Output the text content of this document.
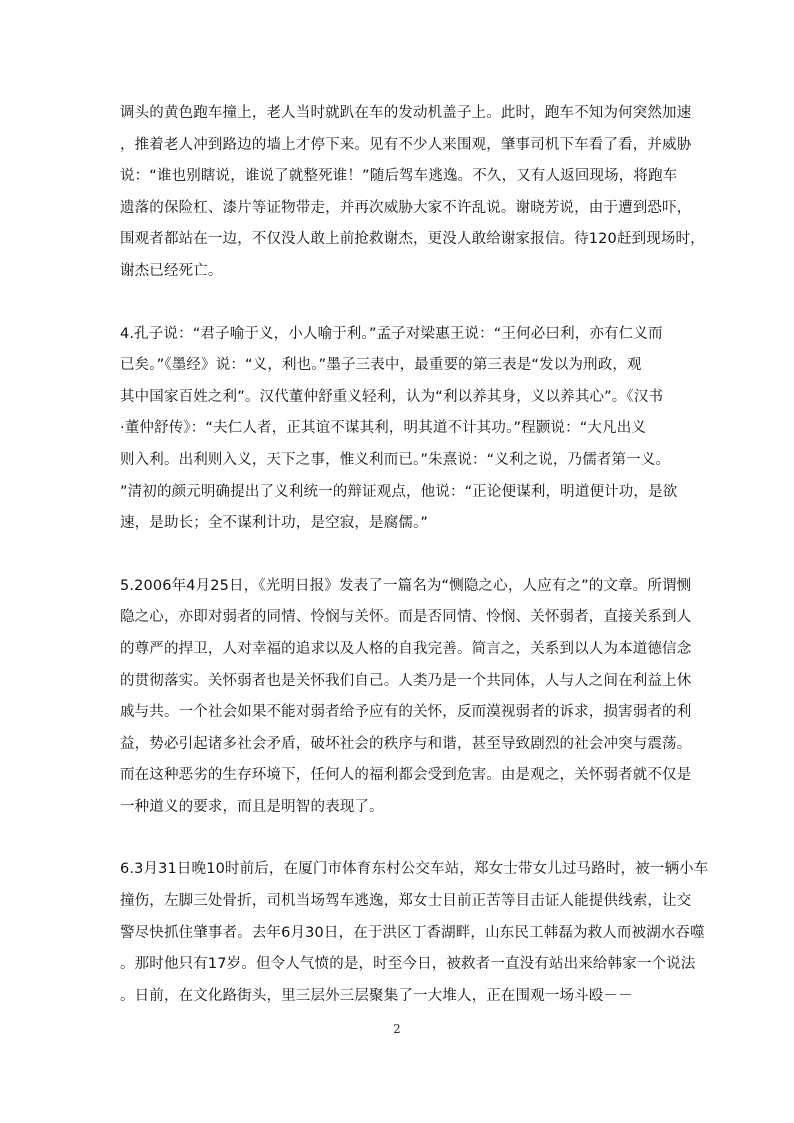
调头的黄色跑车撞上，老人当时就趴在车的发动机盖子上。此时，跑车不知为何突然加速
，推着老人冲到路边的墙上才停下来。见有不少人来围观，肇事司机下车看了看，并威胁
说：“谁也别瞎说，谁说了就整死谁！”随后驾车逃逸。不久，又有人返回现场，将跑车
遗落的保险杠、漆片等证物带走，并再次威胁大家不许乱说。谢晓芳说，由于遭到恐吓，
围观者都站在一边，不仅没人敢上前抢救谢杰，更没人敢给谢家报信。待120赶到现场时，
谢杰已经死亡。
4.孔子说：“君子喻于义，小人喻于利。”孟子对梁惠王说：“王何必曰利，亦有仁义而
已矣。”《墨经》说：“义，利也。”墨子三表中，最重要的第三表是“发以为刑政，观
其中国家百姓之利”。汉代董仲舒重义轻利，认为“利以养其身，义以养其心”。《汉书
·董仲舒传》：“夫仁人者，正其谊不谋其利，明其道不计其功。”程颢说：“大凡出义
则入利。出利则入义，天下之事，惟义利而已。”朱熹说：“义利之说，乃儒者第一义。
”清初的颜元明确提出了义利统一的辩证观点，他说：“正论便谋利，明道便计功，是欲
速，是助长；全不谋利计功，是空寂，是腐儒。”
5.2006年4月25日，《光明日报》发表了一篇名为“恻隐之心，人应有之”的文章。所谓恻
隐之心，亦即对弱者的同情、怜悯与关怀。而是否同情、怜悯、关怀弱者，直接关系到人
的尊严的捍卫，人对幸福的追求以及人格的自我完善。简言之，关系到以人为本道德信念
的贯彻落实。关怀弱者也是关怀我们自己。人类乃是一个共同体，人与人之间在利益上休
戚与共。一个社会如果不能对弱者给予应有的关怀，反而漠视弱者的诉求，损害弱者的利
益，势必引起诸多社会矛盾，破坏社会的秩序与和谐，甚至导致剧烈的社会冲突与震荡。
而在这种恶劣的生存环境下，任何人的福利都会受到危害。由是观之，关怀弱者就不仅是
一种道义的要求，而且是明智的表现了。
6.3月31日晚10时前后，在厦门市体育东村公交车站，郑女士带女儿过马路时，被一辆小车
撞伤，左脚三处骨折，司机当场驾车逃逸，郑女士目前正苦等目击证人能提供线索，让交
警尽快抓住肇事者。去年6月30日，在于洪区丁香湖畔，山东民工韩磊为救人而被湖水吞噬
。那时他只有17岁。但令人气愤的是，时至今日，被救者一直没有站出来给韩家一个说法
。日前，在文化路街头，里三层外三层聚集了一大堆人，正在围观一场斗殴－－
2
